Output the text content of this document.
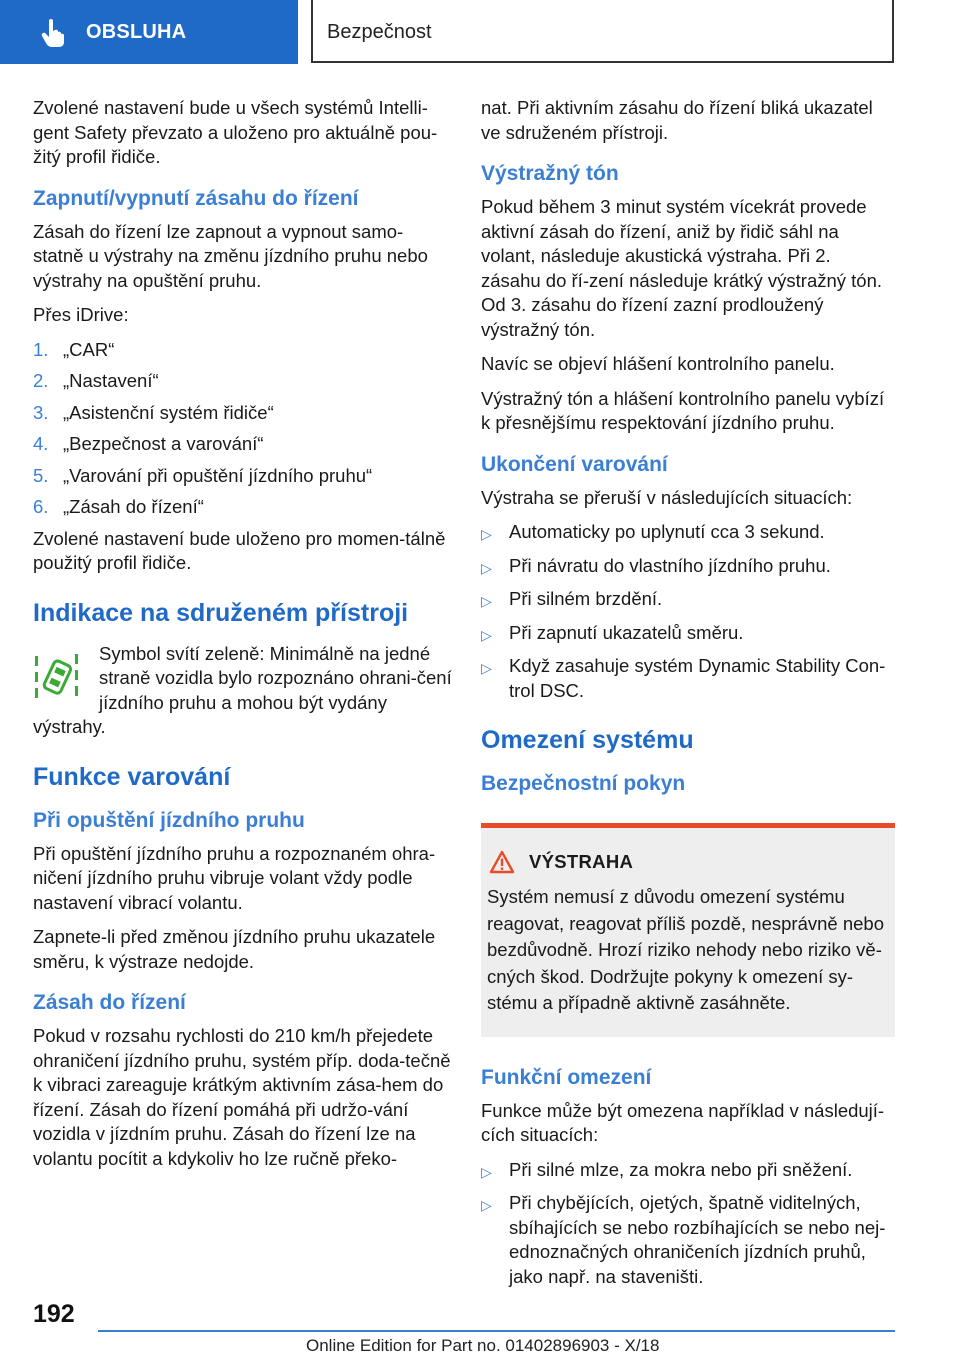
OBSLUHA	Bezpečnost

Zvolené nastavení bude u všech systémů Intelli-gent Safety převzato a uloženo pro aktuálně pou-žitý profil řidiče.

Zapnutí/vypnutí zásahu do řízení

Zásah do řízení lze zapnout a vypnout samo-statně u výstrahy na změnu jízdního pruhu nebo výstrahy na opuštění pruhu.

Přes iDrive:

1. „CAR“
2. „Nastavení“
3. „Asistenční systém řidiče“
4. „Bezpečnost a varování“
5. „Varování při opuštění jízdního pruhu“
6. „Zásah do řízení“

Zvolené nastavení bude uloženo pro momen-tálně použitý profil řidiče.

Indikace na sdruženém přístroji

Symbol svítí zeleně: Minimálně na jedné straně vozidla bylo rozpoznáno ohrani-čení jízdního pruhu a mohou být vydány

výstrahy.

Funkce varování
Při opuštění jízdního pruhu

Při opuštění jízdního pruhu a rozpoznaném ohra-ničení jízdního pruhu vibruje volant vždy podle nastavení vibrací volantu.

Zapnete-li před změnou jízdního pruhu ukazatele směru, k výstraze nedojde.

Zásah do řízení

Pokud v rozsahu rychlosti do 210 km/h přejedete ohraničení jízdního pruhu, systém příp. doda-tečně k vibraci zareaguje krátkým aktivním zása-hem do řízení. Zásah do řízení pomáhá při udržo-vání vozidla v jízdním pruhu. Zásah do řízení lze na volantu pocítit a kdykoliv ho lze ručně překo-

nat. Při aktivním zásahu do řízení bliká ukazatel ve sdruženém přístroji.

Výstražný tón

Pokud během 3 minut systém vícekrát provede aktivní zásah do řízení, aniž by řidič sáhl na volant, následuje akustická výstraha. Při 2. zásahu do ří-zení následuje krátký výstražný tón. Od 3. zásahu do řízení zazní prodloužený výstražný tón.

Navíc se objeví hlášení kontrolního panelu.

Výstražný tón a hlášení kontrolního panelu vybízí k přesnějšímu respektování jízdního pruhu.

Ukončení varování

Výstraha se přeruší v následujících situacích:

▷ Automaticky po uplynutí cca 3 sekund.
▷ Při návratu do vlastního jízdního pruhu.
▷ Při silném brzdění.
▷ Při zapnutí ukazatelů směru.
▷ Když zasahuje systém Dynamic Stability Con-trol DSC.
Omezení systému
Bezpečnostní pokyn
VÝSTRAHA

Systém nemusí z důvodu omezení systému reagovat, reagovat příliš pozdě, nesprávně nebo bezdůvodně. Hrozí riziko nehody nebo riziko vě-cných škod. Dodržujte pokyny k omezení sy-stému a případně aktivně zasáhněte.

Funkční omezení

Funkce může být omezena například v následují-cích situacích:

▷ Při silné mlze, za mokra nebo při sněžení.
▷ Při chybějících, ojetých, špatně viditelných, sbíhajících se nebo rozbíhajících se nebo nej-ednoznačných ohraničeních jízdních pruhů, jako např. na staveništi.
192
Online Edition for Part no. 01402896903 - X/18
